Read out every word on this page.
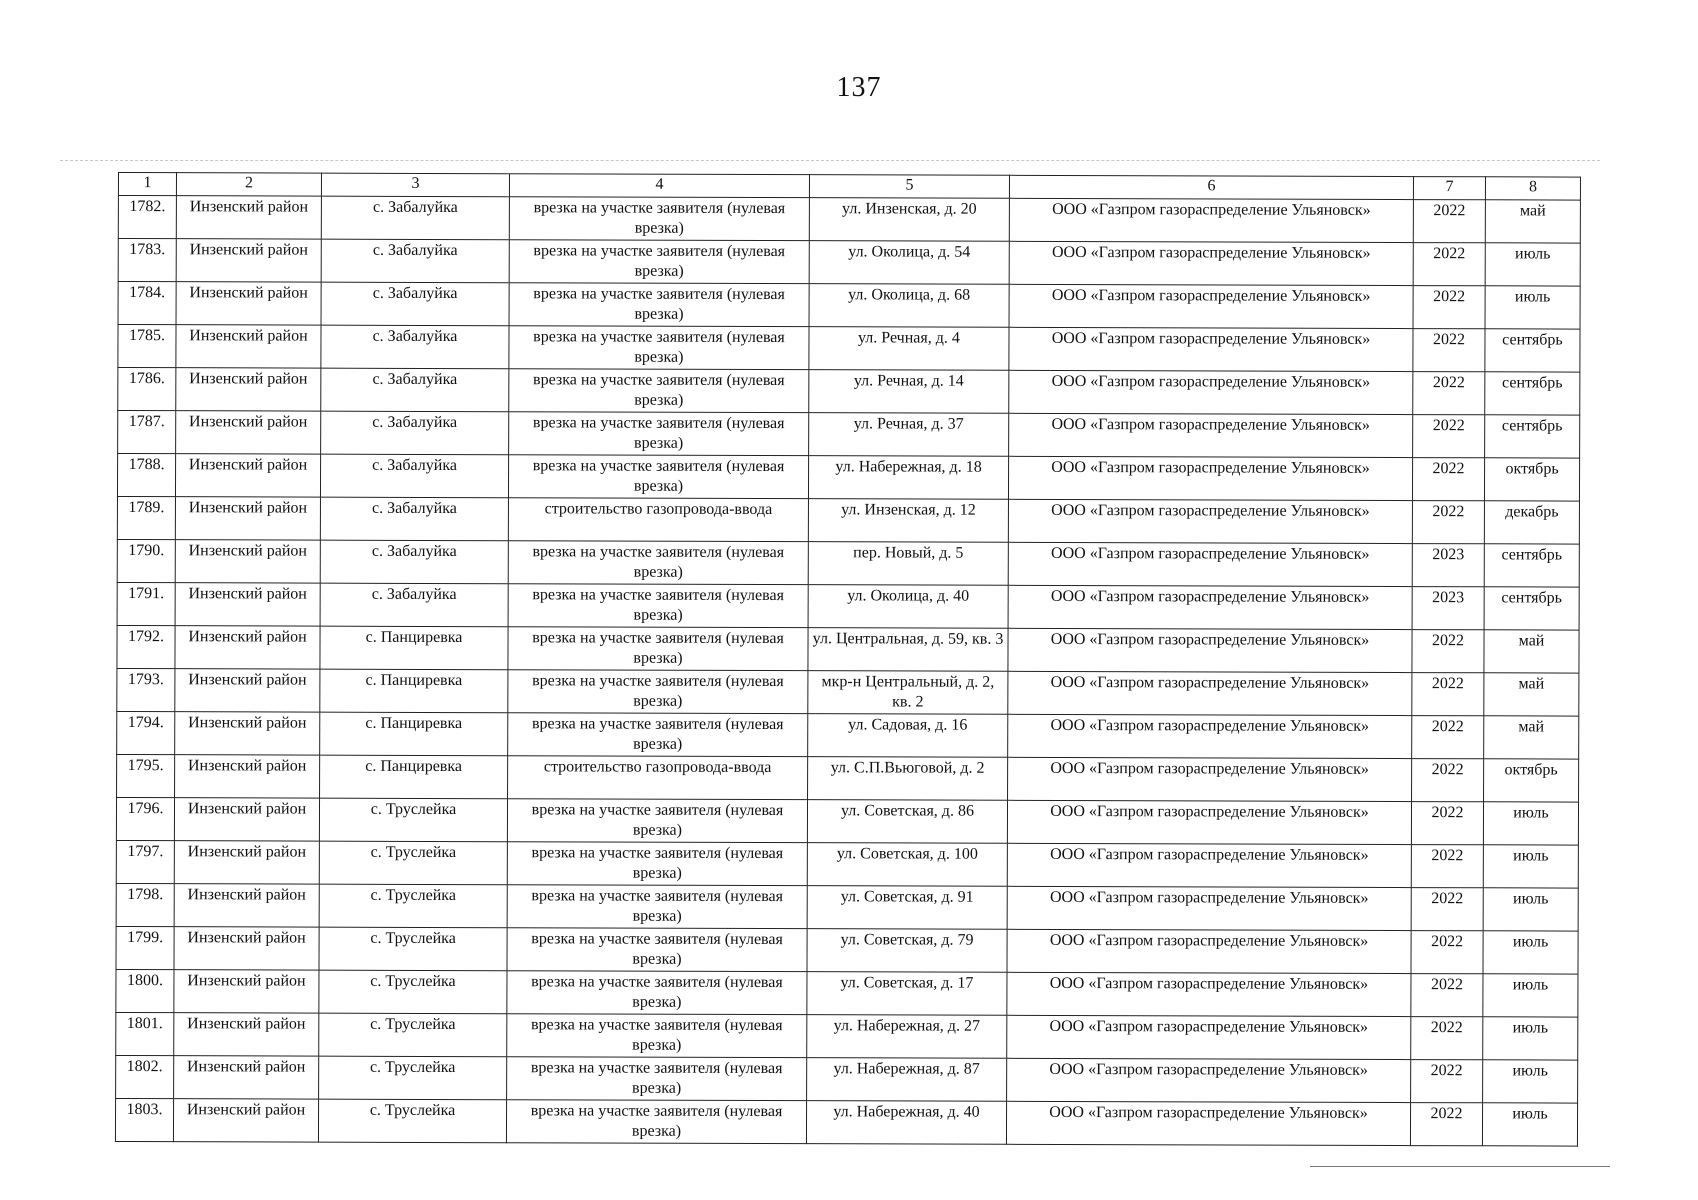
137
1	2	3	4	5	6	7	8
1782.	Инзенский район	с. Забалуйка	врезка на участке заявителя (нулевая врезка)	ул. Инзенская, д. 20	ООО «Газпром газораспределение Ульяновск»	2022	май
1783.	Инзенский район	с. Забалуйка	врезка на участке заявителя (нулевая врезка)	ул. Околица, д. 54	ООО «Газпром газораспределение Ульяновск»	2022	июль
1784.	Инзенский район	с. Забалуйка	врезка на участке заявителя (нулевая врезка)	ул. Околица, д. 68	ООО «Газпром газораспределение Ульяновск»	2022	июль
1785.	Инзенский район	с. Забалуйка	врезка на участке заявителя (нулевая врезка)	ул. Речная, д. 4	ООО «Газпром газораспределение Ульяновск»	2022	сентябрь
1786.	Инзенский район	с. Забалуйка	врезка на участке заявителя (нулевая врезка)	ул. Речная, д. 14	ООО «Газпром газораспределение Ульяновск»	2022	сентябрь
1787.	Инзенский район	с. Забалуйка	врезка на участке заявителя (нулевая врезка)	ул. Речная, д. 37	ООО «Газпром газораспределение Ульяновск»	2022	сентябрь
1788.	Инзенский район	с. Забалуйка	врезка на участке заявителя (нулевая врезка)	ул. Набережная, д. 18	ООО «Газпром газораспределение Ульяновск»	2022	октябрь
1789.	Инзенский район	с. Забалуйка	строительство газопровода-ввода	ул. Инзенская, д. 12	ООО «Газпром газораспределение Ульяновск»	2022	декабрь
1790.	Инзенский район	с. Забалуйка	врезка на участке заявителя (нулевая врезка)	пер. Новый, д. 5	ООО «Газпром газораспределение Ульяновск»	2023	сентябрь
1791.	Инзенский район	с. Забалуйка	врезка на участке заявителя (нулевая врезка)	ул. Околица, д. 40	ООО «Газпром газораспределение Ульяновск»	2023	сентябрь
1792.	Инзенский район	с. Панциревка	врезка на участке заявителя (нулевая врезка)	ул. Центральная, д. 59, кв. 3	ООО «Газпром газораспределение Ульяновск»	2022	май
1793.	Инзенский район	с. Панциревка	врезка на участке заявителя (нулевая врезка)	мкр-н Центральный, д. 2, кв. 2	ООО «Газпром газораспределение Ульяновск»	2022	май
1794.	Инзенский район	с. Панциревка	врезка на участке заявителя (нулевая врезка)	ул. Садовая, д. 16	ООО «Газпром газораспределение Ульяновск»	2022	май
1795.	Инзенский район	с. Панциревка	строительство газопровода-ввода	ул. С.П.Вьюговой, д. 2	ООО «Газпром газораспределение Ульяновск»	2022	октябрь
1796.	Инзенский район	с. Труслейка	врезка на участке заявителя (нулевая врезка)	ул. Советская, д. 86	ООО «Газпром газораспределение Ульяновск»	2022	июль
1797.	Инзенский район	с. Труслейка	врезка на участке заявителя (нулевая врезка)	ул. Советская, д. 100	ООО «Газпром газораспределение Ульяновск»	2022	июль
1798.	Инзенский район	с. Труслейка	врезка на участке заявителя (нулевая врезка)	ул. Советская, д. 91	ООО «Газпром газораспределение Ульяновск»	2022	июль
1799.	Инзенский район	с. Труслейка	врезка на участке заявителя (нулевая врезка)	ул. Советская, д. 79	ООО «Газпром газораспределение Ульяновск»	2022	июль
1800.	Инзенский район	с. Труслейка	врезка на участке заявителя (нулевая врезка)	ул. Советская, д. 17	ООО «Газпром газораспределение Ульяновск»	2022	июль
1801.	Инзенский район	с. Труслейка	врезка на участке заявителя (нулевая врезка)	ул. Набережная, д. 27	ООО «Газпром газораспределение Ульяновск»	2022	июль
1802.	Инзенский район	с. Труслейка	врезка на участке заявителя (нулевая врезка)	ул. Набережная, д. 87	ООО «Газпром газораспределение Ульяновск»	2022	июль
1803.	Инзенский район	с. Труслейка	врезка на участке заявителя (нулевая врезка)	ул. Набережная, д. 40	ООО «Газпром газораспределение Ульяновск»	2022	июль
